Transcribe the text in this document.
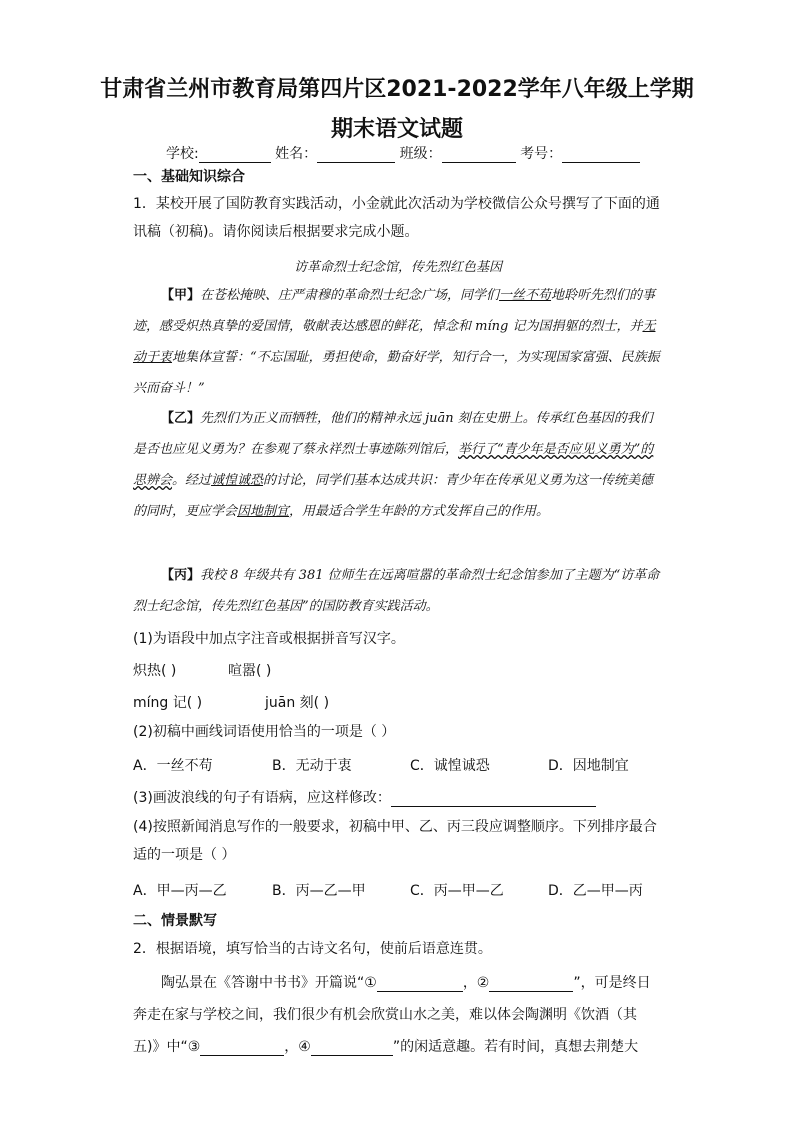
甘肃省兰州市教育局第四片区2021-2022学年八年级上学期
期末语文试题
学校:	姓名：	班级：	考号：
一、基础知识综合
1．某校开展了国防教育实践活动，小金就此次活动为学校微信公众号撰写了下面的通
讯稿（初稿)。请你阅读后根据要求完成小题。
访革命烈士纪念馆，传先烈红色基因
【甲】在苍松掩映、庄严肃穆的革命烈士纪念广场，同学们一丝不苟地聆听先烈们的事迹，感受炽热真挚的爱国情，敬献表达感恩的鲜花，悼念和 míng 记为国捐躯的烈士，并无动于衷地集体宣誓：“不忘国耻，勇担使命，勤奋好学，知行合一，为实现国家富强、民族振兴而奋斗！”
【乙】先烈们为正义而牺牲，他们的精神永远 juān 刻在史册上。传承红色基因的我们是否也应见义勇为？在参观了蔡永祥烈士事迹陈列馆后，举行了“青少年是否应见义勇为”的思辨会。经过诚惶诚恐的讨论，同学们基本达成共识：青少年在传承见义勇为这一传统美德的同时，更应学会因地制宜，用最适合学生年龄的方式发挥自己的作用。
【丙】我校 8 年级共有 381 位师生在远离喧嚣的革命烈士纪念馆参加了主题为“访革命烈士纪念馆，传先烈红色基因”的国防教育实践活动。
(1)为语段中加点字注音或根据拼音写汉字。
炽热( )	喧嚣( )
míng 记( )	juān 刻( )
(2)初稿中画线词语使用恰当的一项是（ ）
A．一丝不苟	B．无动于衷	C．诚惶诚恐	D．因地制宜
(3)画波浪线的句子有语病，应这样修改：
(4)按照新闻消息写作的一般要求，初稿中甲、乙、丙三段应调整顺序。下列排序最合
适的一项是（ ）
A．甲—丙—乙	B．丙—乙—甲	C．丙—甲—乙	D．乙—甲—丙
二、情景默写
2．根据语境，填写恰当的古诗文名句，使前后语意连贯。
陶弘景在《答谢中书书》开篇说“①	，②	”，可是终日
奔走在家与学校之间，我们很少有机会欣赏山水之美，难以体会陶渊明《饮酒（其
五)》中“③	，④	”的闲适意趣。若有时间，真想去荆楚大
